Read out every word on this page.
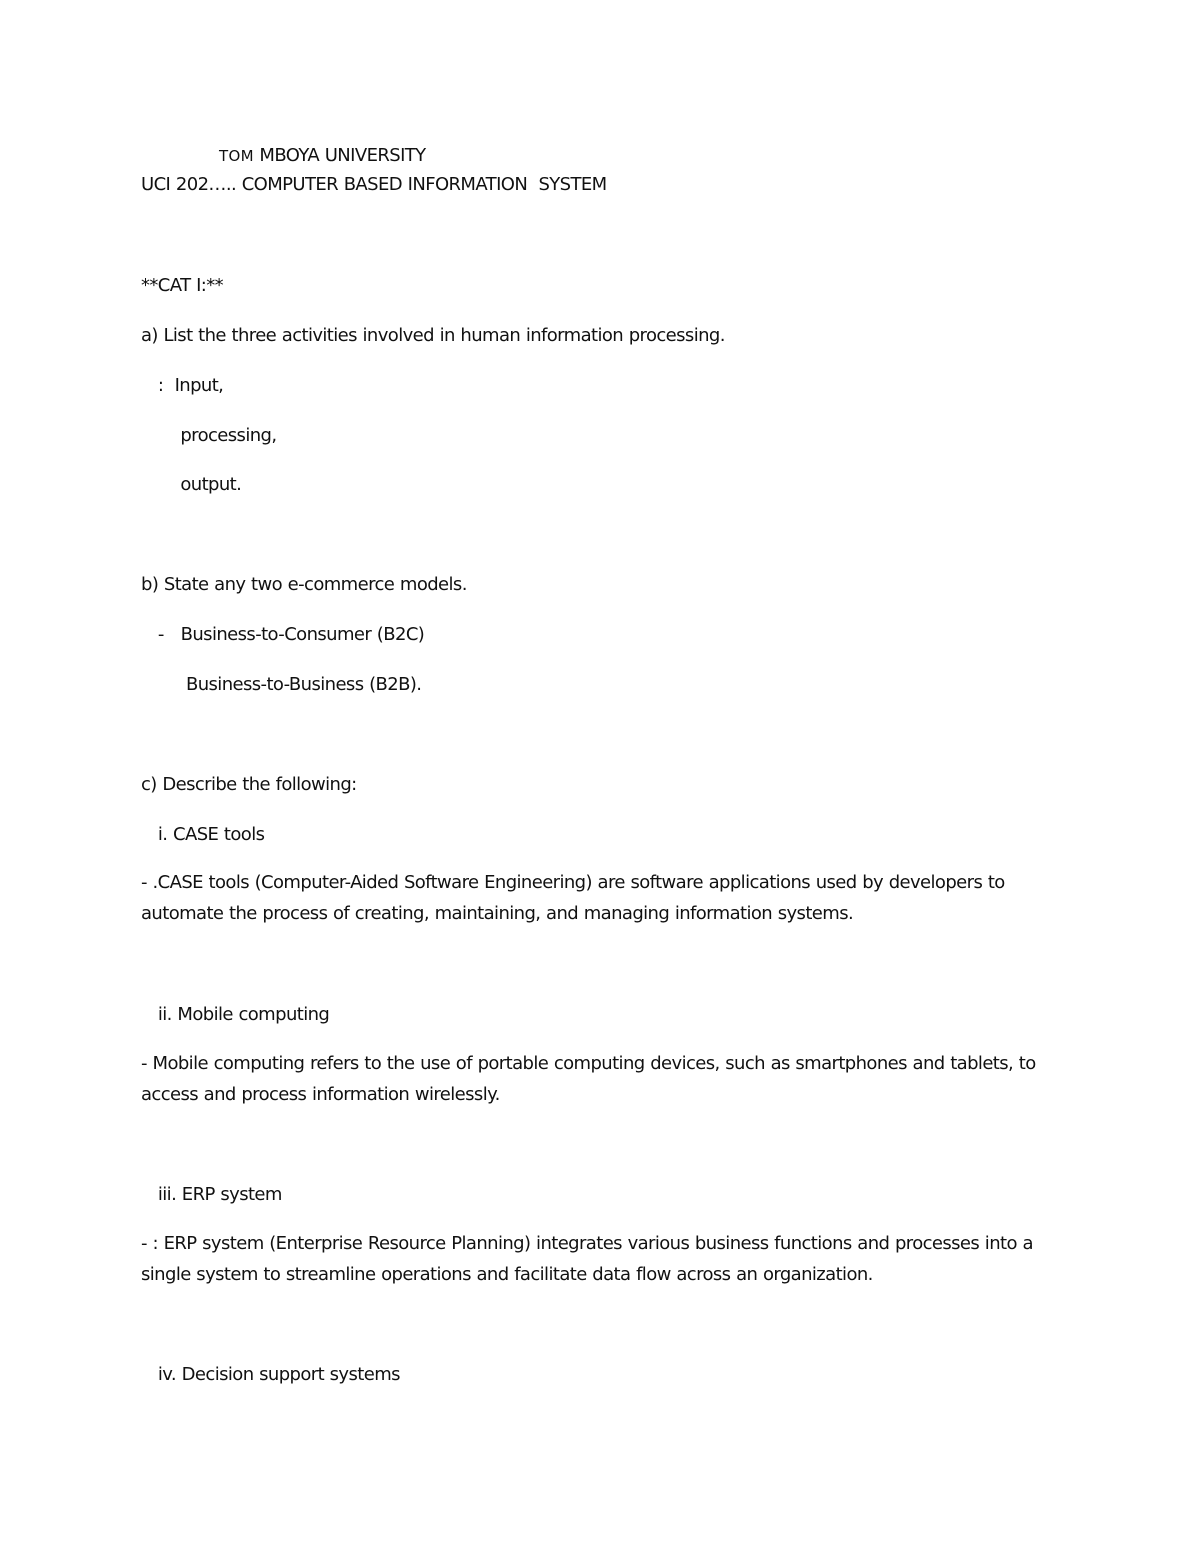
TOM MBOYA UNIVERSITY
UCI 202….. COMPUTER BASED INFORMATION  SYSTEM
**CAT I:**
a) List the three activities involved in human information processing.
:  Input,
processing,
output.
b) State any two e-commerce models.
-   Business-to-Consumer (B2C)
Business-to-Business (B2B).
c) Describe the following:
i. CASE tools
- .CASE tools (Computer-Aided Software Engineering) are software applications used by developers to automate the process of creating, maintaining, and managing information systems.
ii. Mobile computing
- Mobile computing refers to the use of portable computing devices, such as smartphones and tablets, to access and process information wirelessly.
iii. ERP system
- : ERP system (Enterprise Resource Planning) integrates various business functions and processes into a single system to streamline operations and facilitate data flow across an organization.
iv. Decision support systems
